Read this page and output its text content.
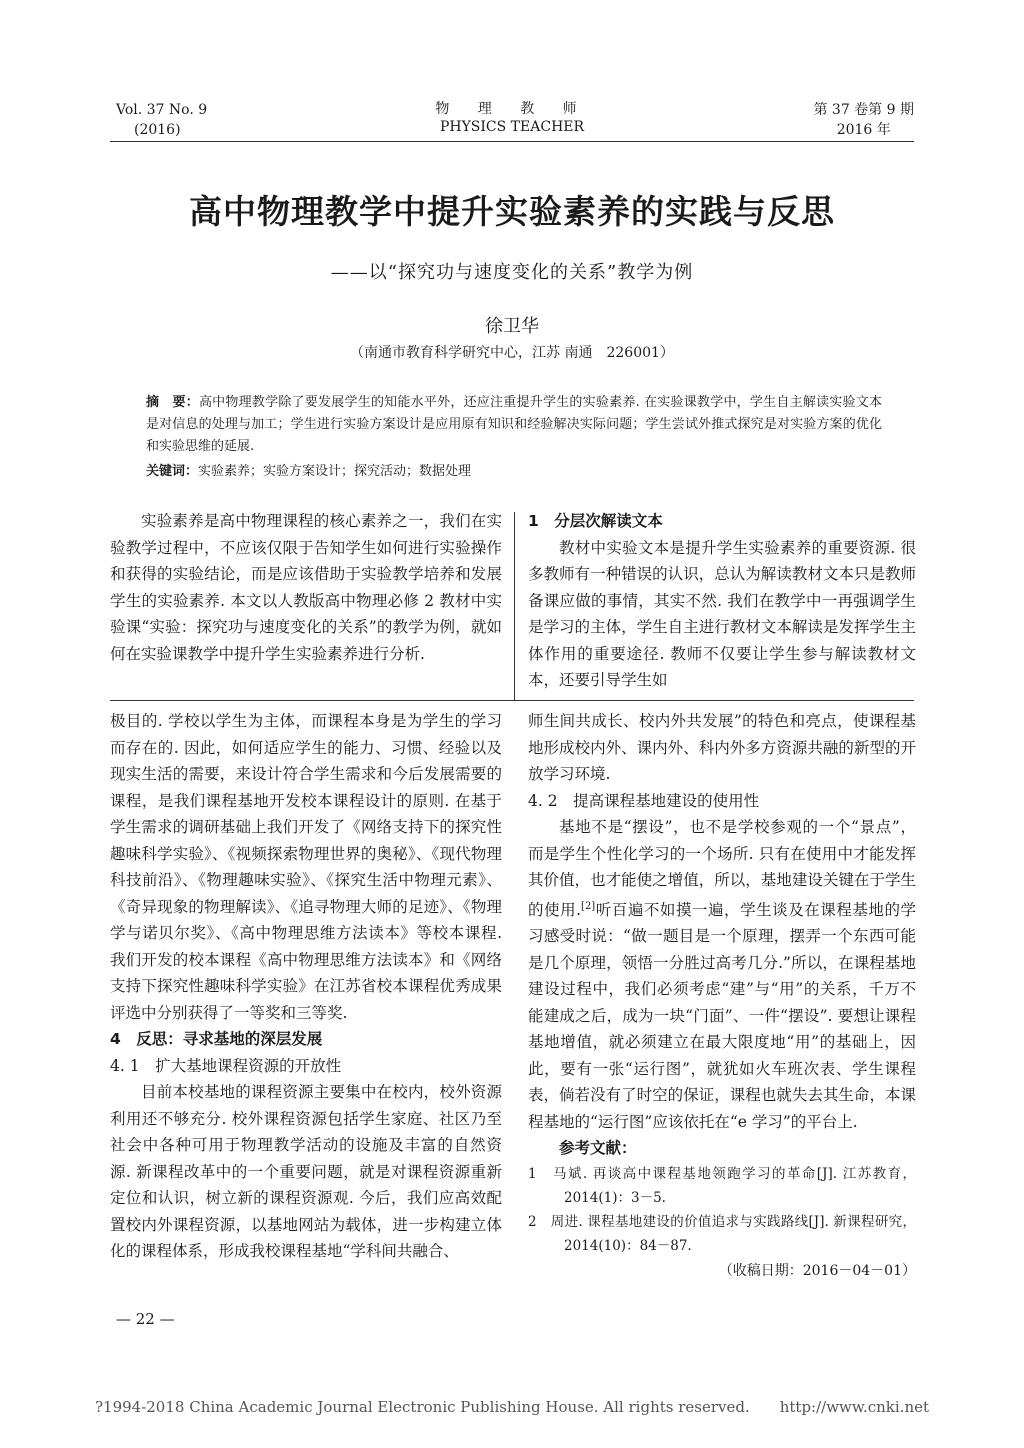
Vol. 37 No. 9
(2016)
物 理 教 师
PHYSICS TEACHER
第 37 卷第 9 期
2016 年
高中物理教学中提升实验素养的实践与反思
——以“探究功与速度变化的关系”教学为例
徐卫华
（南通市教育科学研究中心，江苏 南通　226001）
摘　要：高中物理教学除了要发展学生的知能水平外，还应注重提升学生的实验素养. 在实验课教学中，学生自主解读实验文本是对信息的处理与加工；学生进行实验方案设计是应用原有知识和经验解决实际问题；学生尝试外推式探究是对实验方案的优化和实验思维的延展.
关键词：实验素养；实验方案设计；探究活动；数据处理

实验素养是高中物理课程的核心素养之一，我们在实验教学过程中，不应该仅限于告知学生如何进行实验操作和获得的实验结论，而是应该借助于实验教学培养和发展学生的实验素养. 本文以人教版高中物理必修 2 教材中实验课“实验：探究功与速度变化的关系”的教学为例，就如何在实验课教学中提升学生实验素养进行分析.

1　分层次解读文本

教材中实验文本是提升学生实验素养的重要资源. 很多教师有一种错误的认识，总认为解读教材文本只是教师备课应做的事情，其实不然. 我们在教学中一再强调学生是学习的主体，学生自主进行教材文本解读是发挥学生主体作用的重要途径. 教师不仅要让学生参与解读教材文本，还要引导学生如

极目的. 学校以学生为主体，而课程本身是为学生的学习而存在的. 因此，如何适应学生的能力、习惯、经验以及现实生活的需要，来设计符合学生需求和今后发展需要的课程，是我们课程基地开发校本课程设计的原则. 在基于学生需求的调研基础上我们开发了《网络支持下的探究性趣味科学实验》、《视频探索物理世界的奥秘》、《现代物理科技前沿》、《物理趣味实验》、《探究生活中物理元素》、《奇异现象的物理解读》、《追寻物理大师的足迹》、《物理学与诺贝尔奖》、《高中物理思维方法读本》等校本课程. 我们开发的校本课程《高中物理思维方法读本》和《网络支持下探究性趣味科学实验》在江苏省校本课程优秀成果评选中分别获得了一等奖和三等奖.

4　反思：寻求基地的深层发展

4. 1　扩大基地课程资源的开放性

目前本校基地的课程资源主要集中在校内，校外资源利用还不够充分. 校外课程资源包括学生家庭、社区乃至社会中各种可用于物理教学活动的设施及丰富的自然资源. 新课程改革中的一个重要问题，就是对课程资源重新定位和认识，树立新的课程资源观. 今后，我们应高效配置校内外课程资源，以基地网站为载体，进一步构建立体化的课程体系，形成我校课程基地“学科间共融合、

师生间共成长、校内外共发展”的特色和亮点，使课程基地形成校内外、课内外、科内外多方资源共融的新型的开放学习环境.

4. 2　提高课程基地建设的使用性

基地不是“摆设”，也不是学校参观的一个“景点”，而是学生个性化学习的一个场所. 只有在使用中才能发挥其价值，也才能使之增值，所以，基地建设关键在于学生的使用.[2]听百遍不如摸一遍，学生谈及在课程基地的学习感受时说：“做一题目是一个原理，摆弄一个东西可能是几个原理，领悟一分胜过高考几分.”所以，在课程基地建设过程中，我们必须考虑“建”与“用”的关系，千万不能建成之后，成为一块“门面”、一件“摆设”. 要想让课程基地增值，就必须建立在最大限度地“用”的基础上，因此，要有一张“运行图”，就犹如火车班次表、学生课程表，倘若没有了时空的保证，课程也就失去其生命，本课程基地的“运行图”应该依托在“e 学习”的平台上.

参考文献：

1　马斌. 再谈高中课程基地领跑学习的革命[J]. 江苏教育，2014(1)：3－5.

2　周进. 课程基地建设的价值追求与实践路线[J]. 新课程研究，2014(10)：84－87.

（收稿日期：2016－04－01）

— 22 —
?1994-2018 China Academic Journal Electronic Publishing House. All rights reserved.　　http://www.cnki.net
